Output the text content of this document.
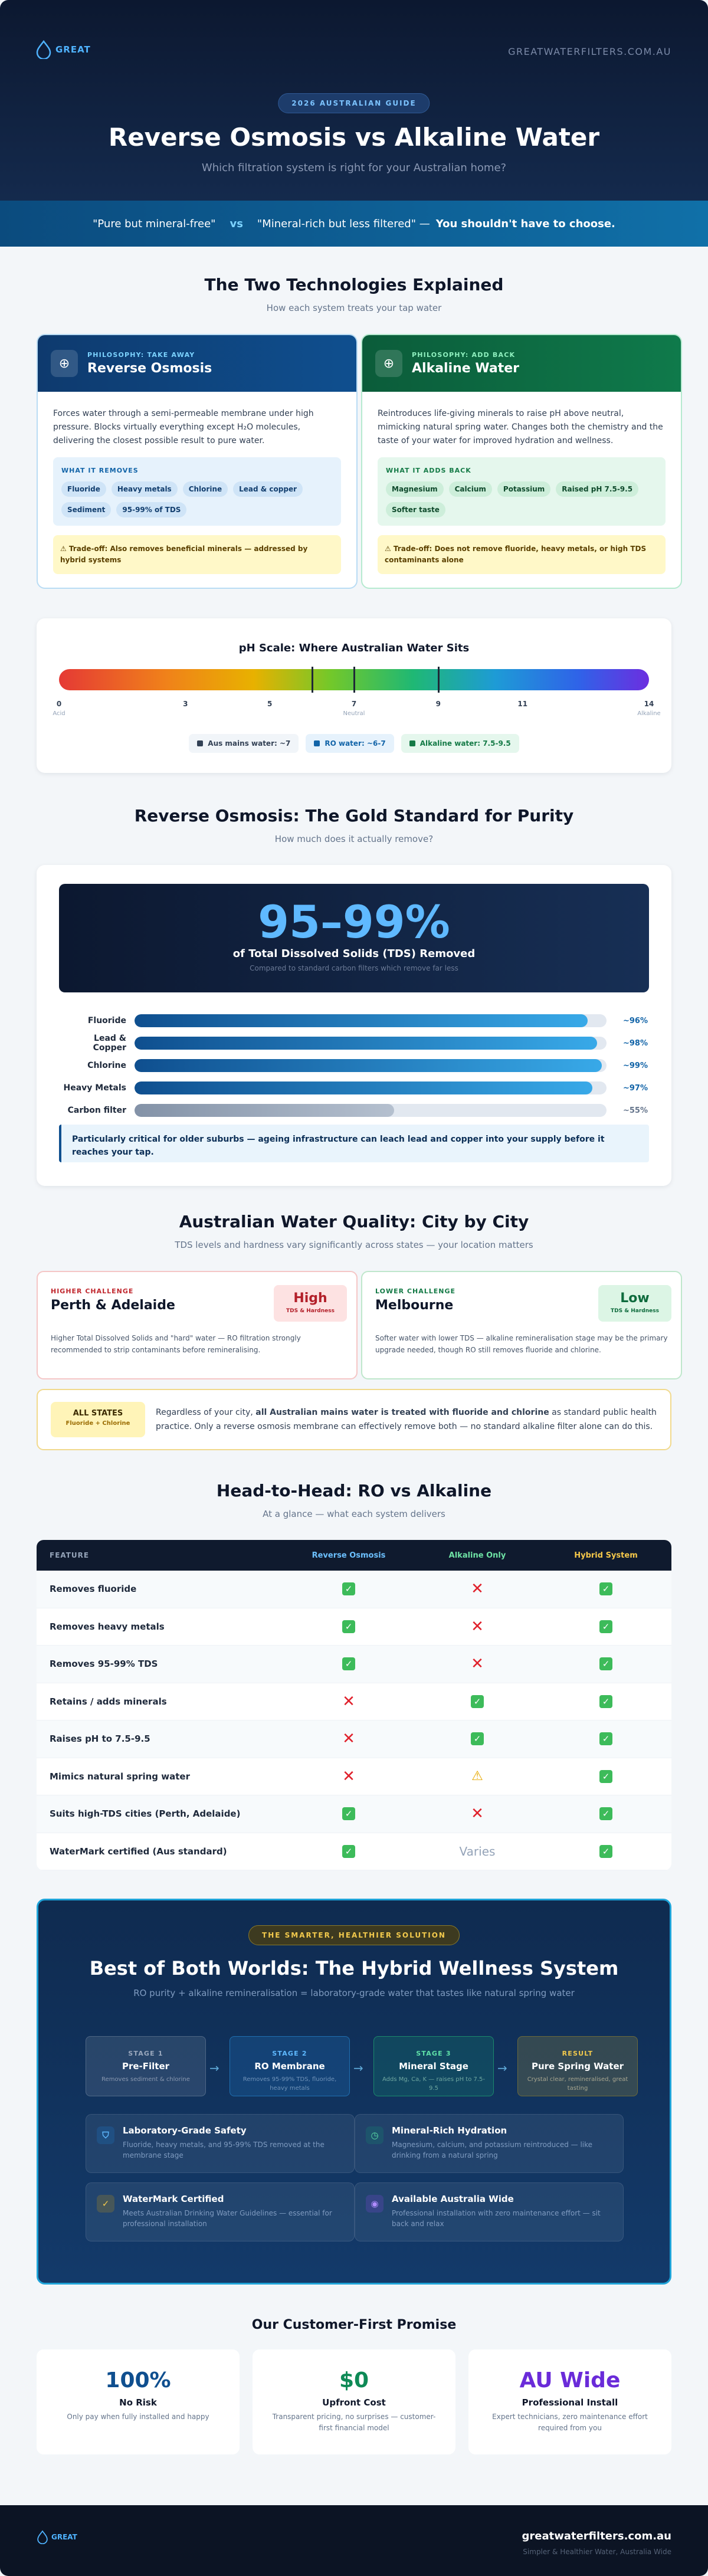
GREAT	GREATWATERFILTERS.COM.AU
2026 AUSTRALIAN GUIDE
Reverse Osmosis vs Alkaline Water
Which filtration system is right for your Australian home?
"Pure but mineral-free" vs "Mineral-rich but less filtered" — You shouldn't have to choose.
The Two Technologies Explained
How each system treats your tap water
⊕
PHILOSOPHY: TAKE AWAY
Reverse Osmosis
Forces water through a semi-permeable membrane under high pressure. Blocks virtually everything except H₂O molecules, delivering the closest possible result to pure water.
WHAT IT REMOVES
Fluoride	Heavy metals	Chlorine	Lead & copper
Sediment	95-99% of TDS
⚠ Trade-off: Also removes beneficial minerals — addressed by hybrid systems
⊕
PHILOSOPHY: ADD BACK
Alkaline Water
Reintroduces life-giving minerals to raise pH above neutral, mimicking natural spring water. Changes both the chemistry and the taste of your water for improved hydration and wellness.
WHAT IT ADDS BACK
Magnesium	Calcium	Potassium	Raised pH 7.5-9.5
Softer taste
⚠ Trade-off: Does not remove fluoride, heavy metals, or high TDS contaminants alone
pH Scale: Where Australian Water Sits
Aus mains water: ~7	RO water: ~6-7	Alkaline water: 7.5-9.5
0
Acid
3	5	7
Neutral
9	11	14
Alkaline
Reverse Osmosis: The Gold Standard for Purity
How much does it actually remove?
95–99%
of Total Dissolved Solids (TDS) Removed
Compared to standard carbon filters which remove far less
Particularly critical for older suburbs — ageing infrastructure can leach lead and copper into your supply before it reaches your tap.
Fluoride	~96%
Lead & Copper	~98%
Chlorine	~99%
Heavy Metals	~97%
Carbon filter	~55%
Australian Water Quality: City by City
TDS levels and hardness vary significantly across states — your location matters
HIGHER CHALLENGE
Perth & Adelaide	High
TDS & Hardness
Higher Total Dissolved Solids and "hard" water — RO filtration strongly recommended to strip contaminants before remineralising.
LOWER CHALLENGE
Melbourne	Low
TDS & Hardness
Softer water with lower TDS — alkaline remineralisation stage may be the primary upgrade needed, though RO still removes fluoride and chlorine.
ALL STATES
Fluoride + Chlorine
Regardless of your city, all Australian mains water is treated with fluoride and chlorine as standard public health practice. Only a reverse osmosis membrane can effectively remove both — no standard alkaline filter alone can do this.
Head-to-Head: RO vs Alkaline
At a glance — what each system delivers
FEATURE	Reverse Osmosis	Alkaline Only	Hybrid System
Removes fluoride	✓	✕	✓
Removes heavy metals	✓	✕	✓
Removes 95-99% TDS	✓	✕	✓
Retains / adds minerals	✕	✓	✓
Raises pH to 7.5-9.5	✕	✓	✓
Mimics natural spring water	✕	⚠	✓
Suits high-TDS cities (Perth, Adelaide)	✓	✕	✓
WaterMark certified (Aus standard)	✓	Varies	✓
THE SMARTER, HEALTHIER SOLUTION
Best of Both Worlds: The Hybrid Wellness System
RO purity + alkaline remineralisation = laboratory-grade water that tastes like natural spring water
STAGE 1
Pre-Filter
Removes sediment & chlorine
→
STAGE 2
RO Membrane
Removes 95-99% TDS, fluoride, heavy metals
→
STAGE 3
Mineral Stage
Adds Mg, Ca, K — raises pH to 7.5-9.5
→
RESULT
Pure Spring Water
Crystal clear, remineralised, great tasting
⛉	Laboratory-Grade Safety
Fluoride, heavy metals, and 95-99% TDS removed at the membrane stage
◷	Mineral-Rich Hydration
Magnesium, calcium, and potassium reintroduced — like drinking from a natural spring
✓	WaterMark Certified
Meets Australian Drinking Water Guidelines — essential for professional installation
◉	Available Australia Wide
Professional installation with zero maintenance effort — sit back and relax
Our Customer-First Promise
GREAT	greatwaterfilters.com.au
Simpler & Healthier Water, Australia Wide
100%
No Risk
Only pay when fully installed and happy
$0
Upfront Cost
Transparent pricing, no surprises — customer-first financial model
AU Wide
Professional Install
Expert technicians, zero maintenance effort required from you
